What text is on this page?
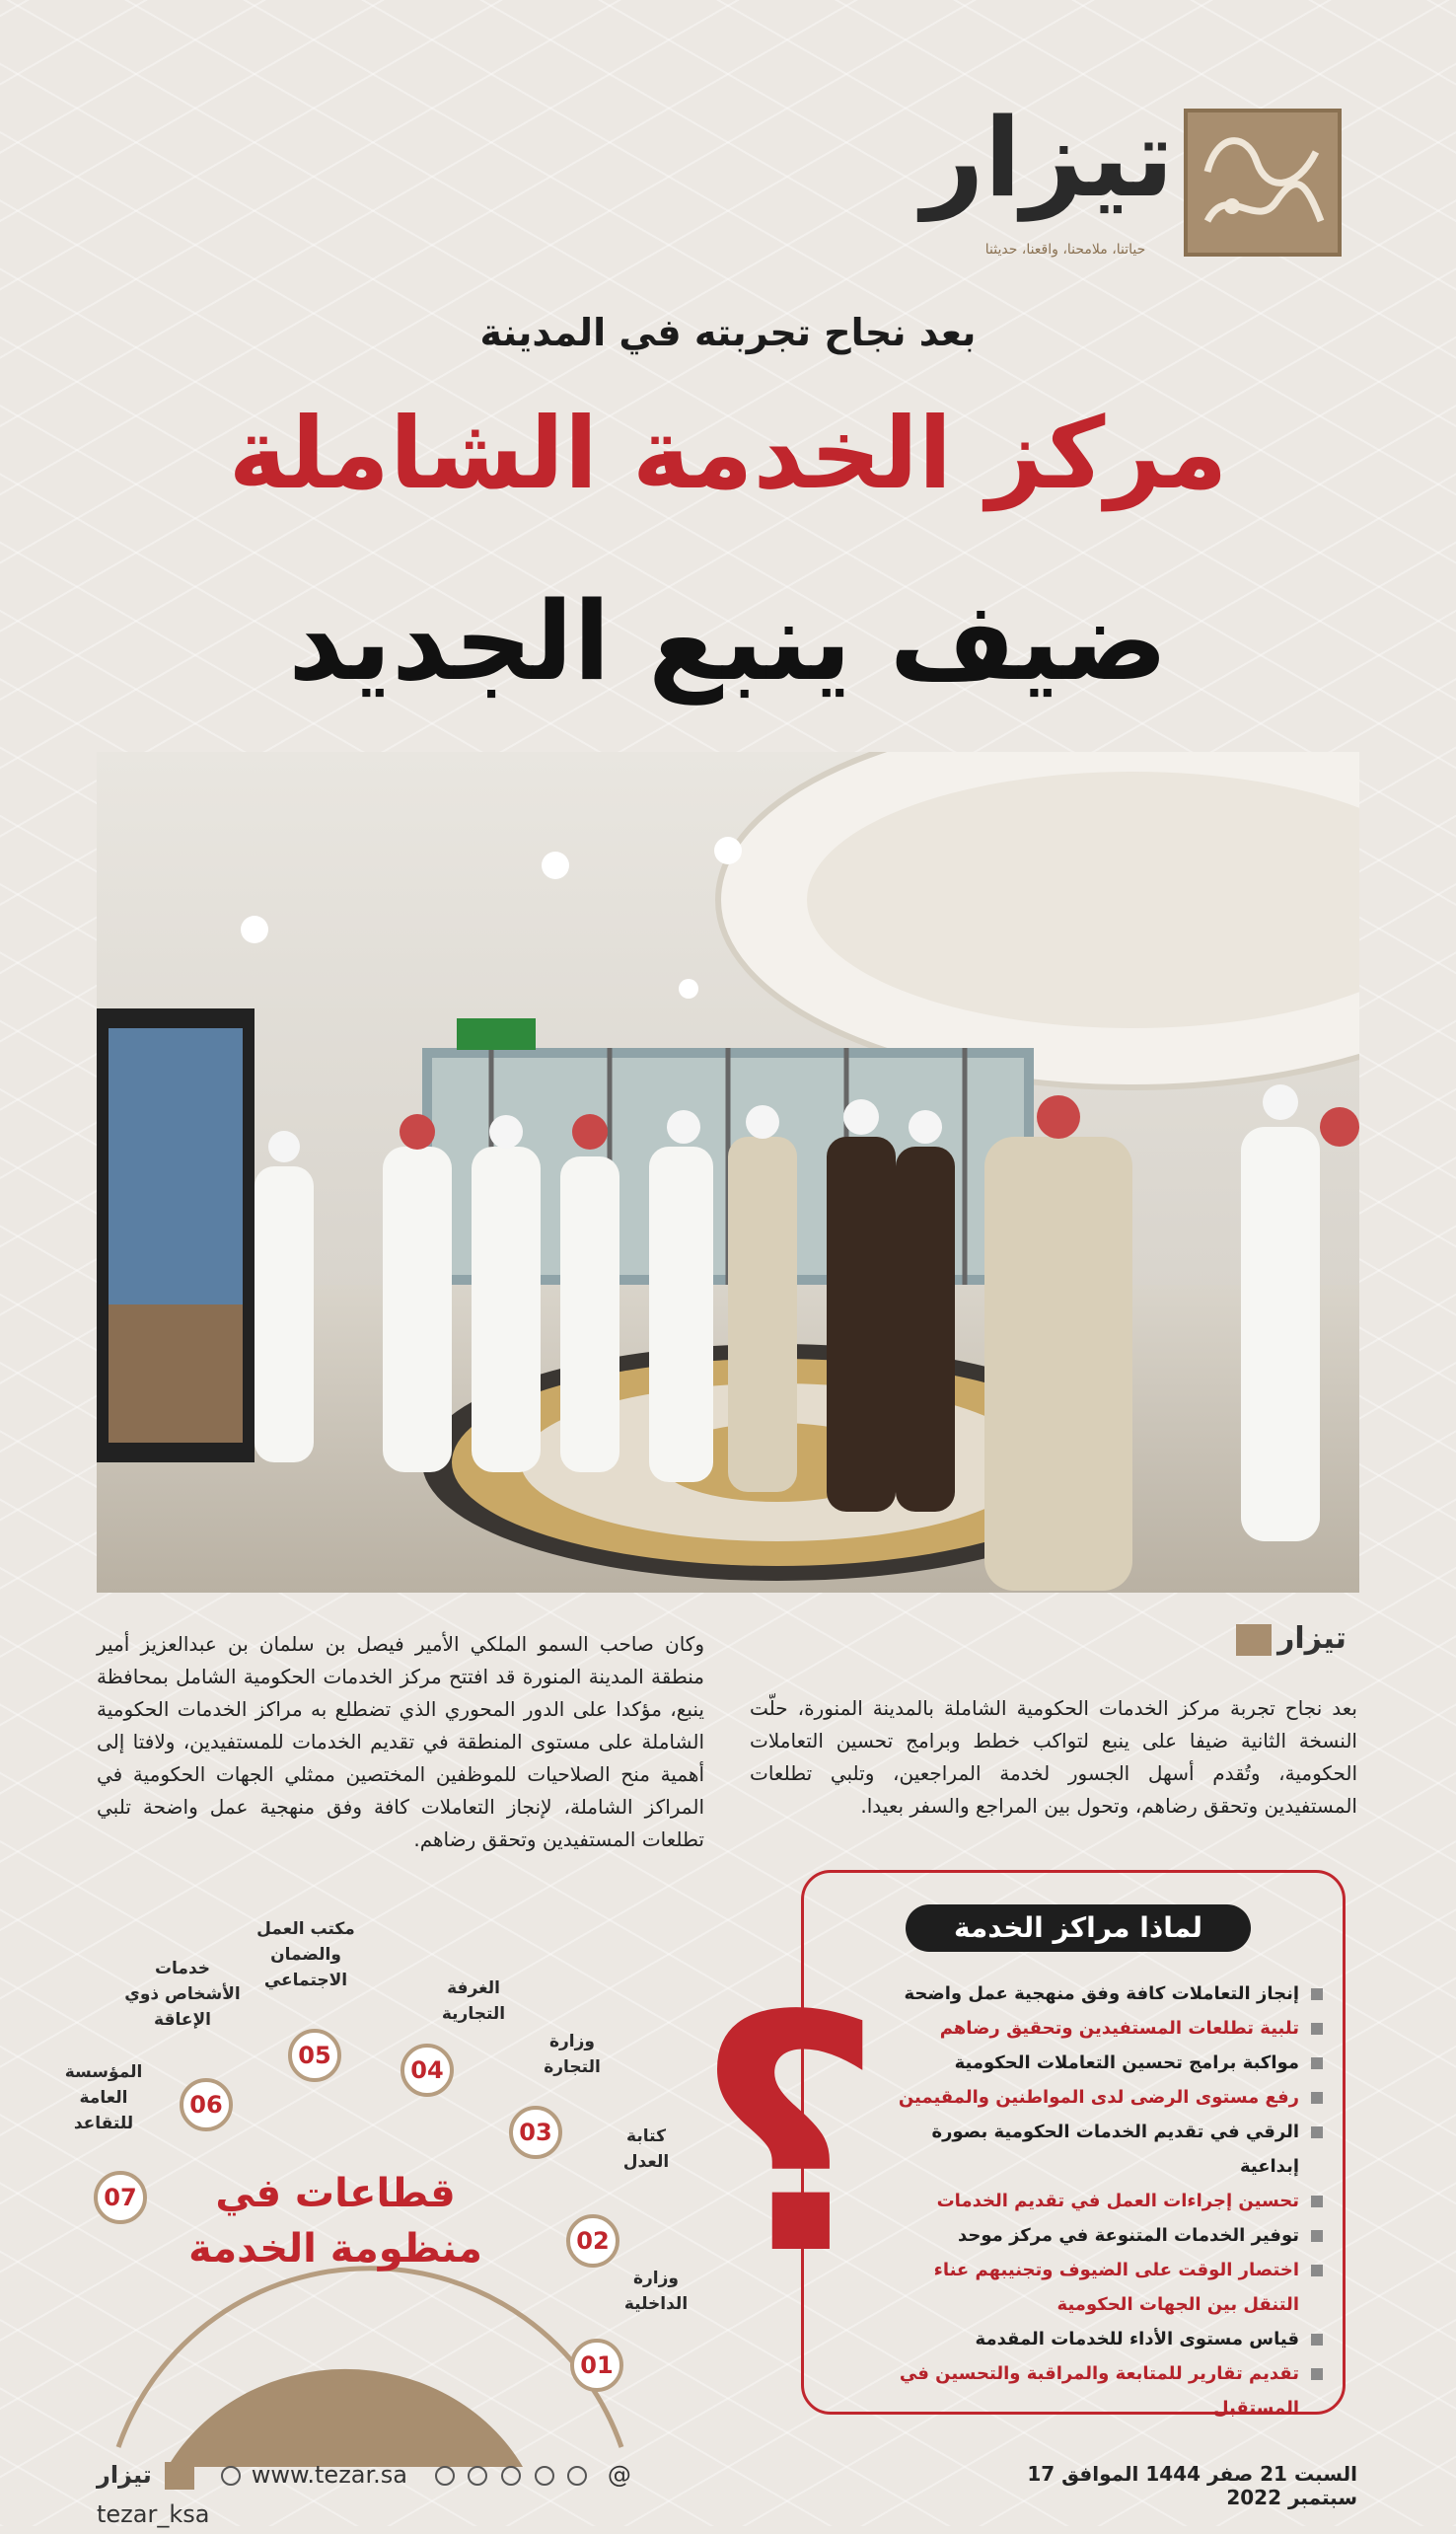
تيزار
حياتنا، ملامحنا، واقعنا، حديثنا
بعد نجاح تجربته في المدينة
مركز الخدمة الشاملة
ضيف ينبع الجديد
تيزار
بعد نجاح تجربة مركز الخدمات الحكومية الشاملة بالمدينة المنورة، حلّت النسخة الثانية ضيفا على ينبع لتواكب خطط وبرامج تحسين التعاملات الحكومية، وتُقدم أسهل الجسور لخدمة المراجعين، وتلبي تطلعات المستفيدين وتحقق رضاهم، وتحول بين المراجع والسفر بعيدا.
وكان صاحب السمو الملكي الأمير فيصل بن سلمان بن عبدالعزيز أمير منطقة المدينة المنورة قد افتتح مركز الخدمات الحكومية الشامل بمحافظة ينبع، مؤكدا على الدور المحوري الذي تضطلع به مراكز الخدمات الحكومية الشاملة على مستوى المنطقة في تقديم الخدمات للمستفيدين، ولافتا إلى أهمية منح الصلاحيات للموظفين المختصين ممثلي الجهات الحكومية في المراكز الشاملة، لإنجاز التعاملات كافة وفق منهجية عمل واضحة تلبي تطلعات المستفيدين وتحقق رضاهم.
لماذا مراكز الخدمة
؟	إنجاز التعاملات كافة وفق منهجية عمل واضحة
تلبية تطلعات المستفيدين وتحقيق رضاهم
مواكبة برامج تحسين التعاملات الحكومية
رفع مستوى الرضى لدى المواطنين والمقيمين
الرقي في تقديم الخدمات الحكومية بصورة إبداعية
تحسين إجراءات العمل في تقديم الخدمات
توفير الخدمات المتنوعة في مركز موحد
اختصار الوقت على الضيوف وتجنيبهم عناء التنقل بين الجهات الحكومية
قياس مستوى الأداء للخدمات المقدمة
تقديم تقارير للمتابعة والمراقبة والتحسين في المستقبل
قطاعات في منظومة الخدمة
01
02
03
04
05
06
07
وزارة الداخلية
كتابة العدل
وزارة التجارة
الغرفة التجارية
مكتب العمل والضمان الاجتماعي
خدمات الأشخاص ذوي الإعاقة
المؤسسة العامة للتقاعد
تيزار	www.tezar.sa	@ tezar_ksa
السبت 21 صفر 1444 الموافق 17 سبتمبر 2022
